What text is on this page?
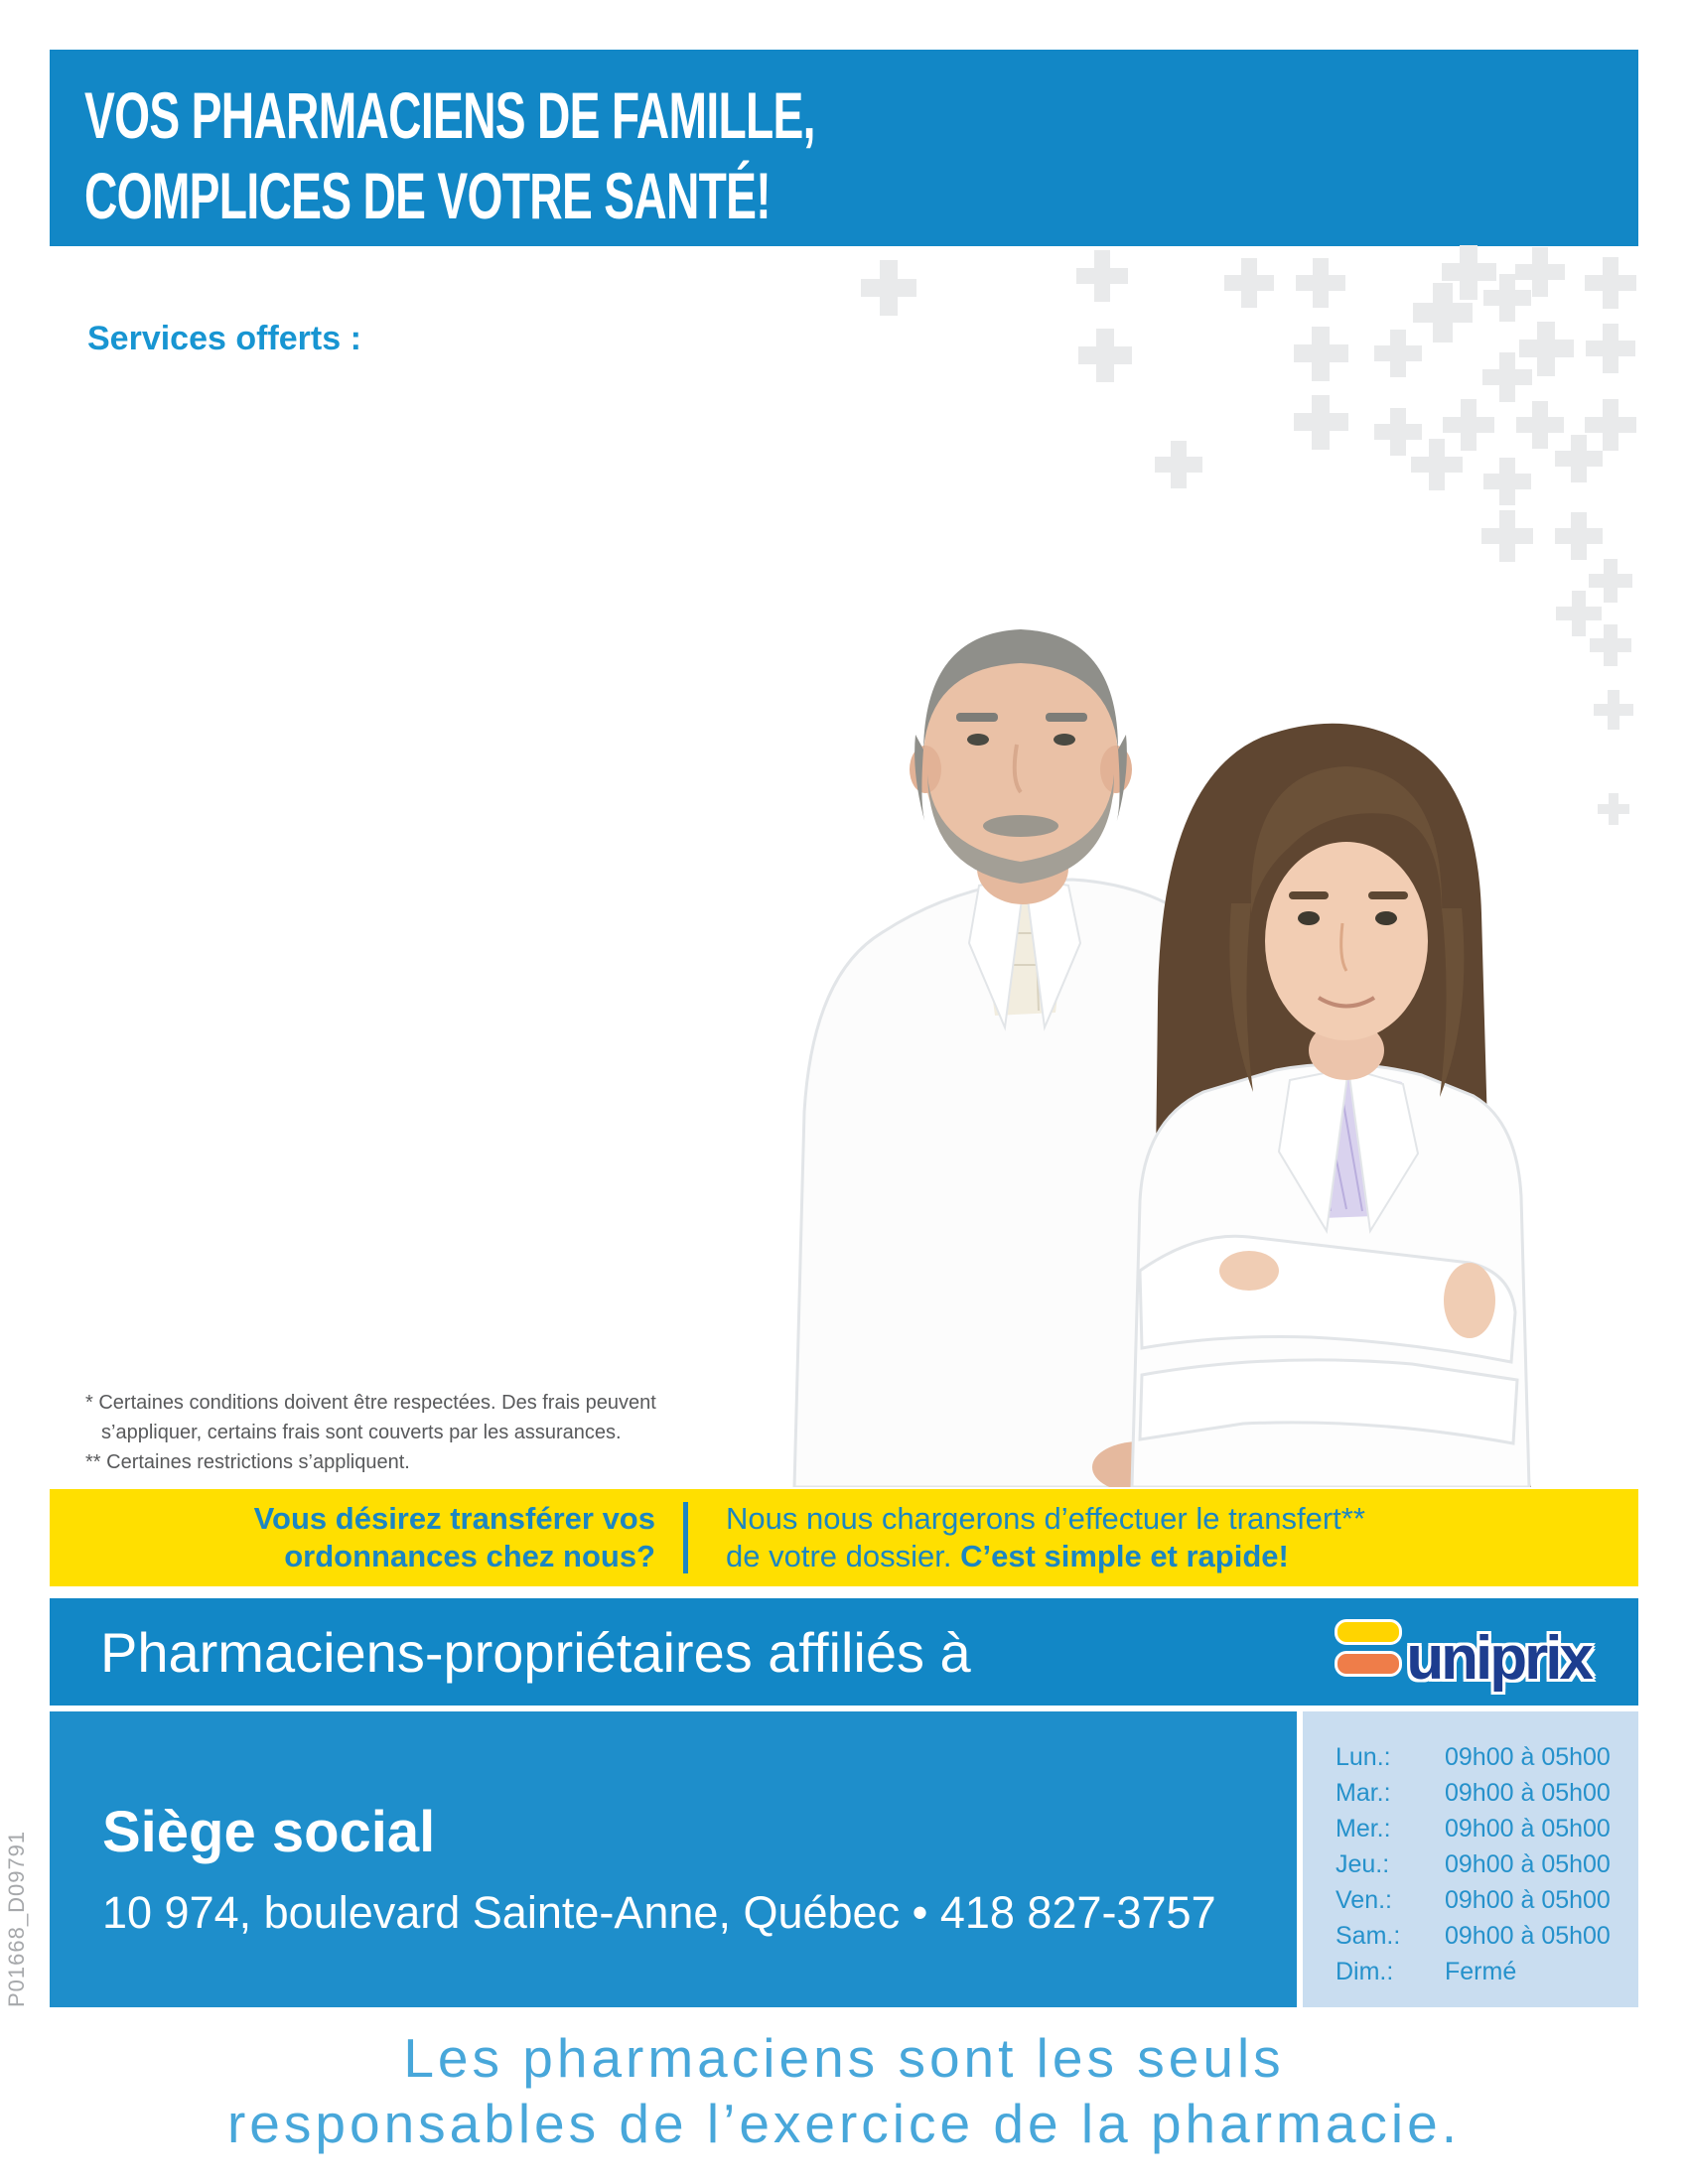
VOS PHARMACIENS DE FAMILLE,
COMPLICES DE VOTRE SANTÉ!
Services offerts :
* Certaines conditions doivent être respectées. Des frais peuvent
s’appliquer, certains frais sont couverts par les assurances.
** Certaines restrictions s’appliquent.
Vous désirez transférer vos
ordonnances chez nous?
Nous nous chargerons d’effectuer le transfert**
de votre dossier. C’est simple et rapide!
Pharmaciens-propriétaires affiliés à	uniprix
Siège social
10 974, boulevard Sainte-Anne, Québec • 418 827-3757
Lun.:	09h00 à 05h00
Mar.:	09h00 à 05h00
Mer.:	09h00 à 05h00
Jeu.:	09h00 à 05h00
Ven.:	09h00 à 05h00
Sam.:	09h00 à 05h00
Dim.:	Fermé
P01668_D09791
Les pharmaciens sont les seuls
responsables de l’exercice de la pharmacie.
